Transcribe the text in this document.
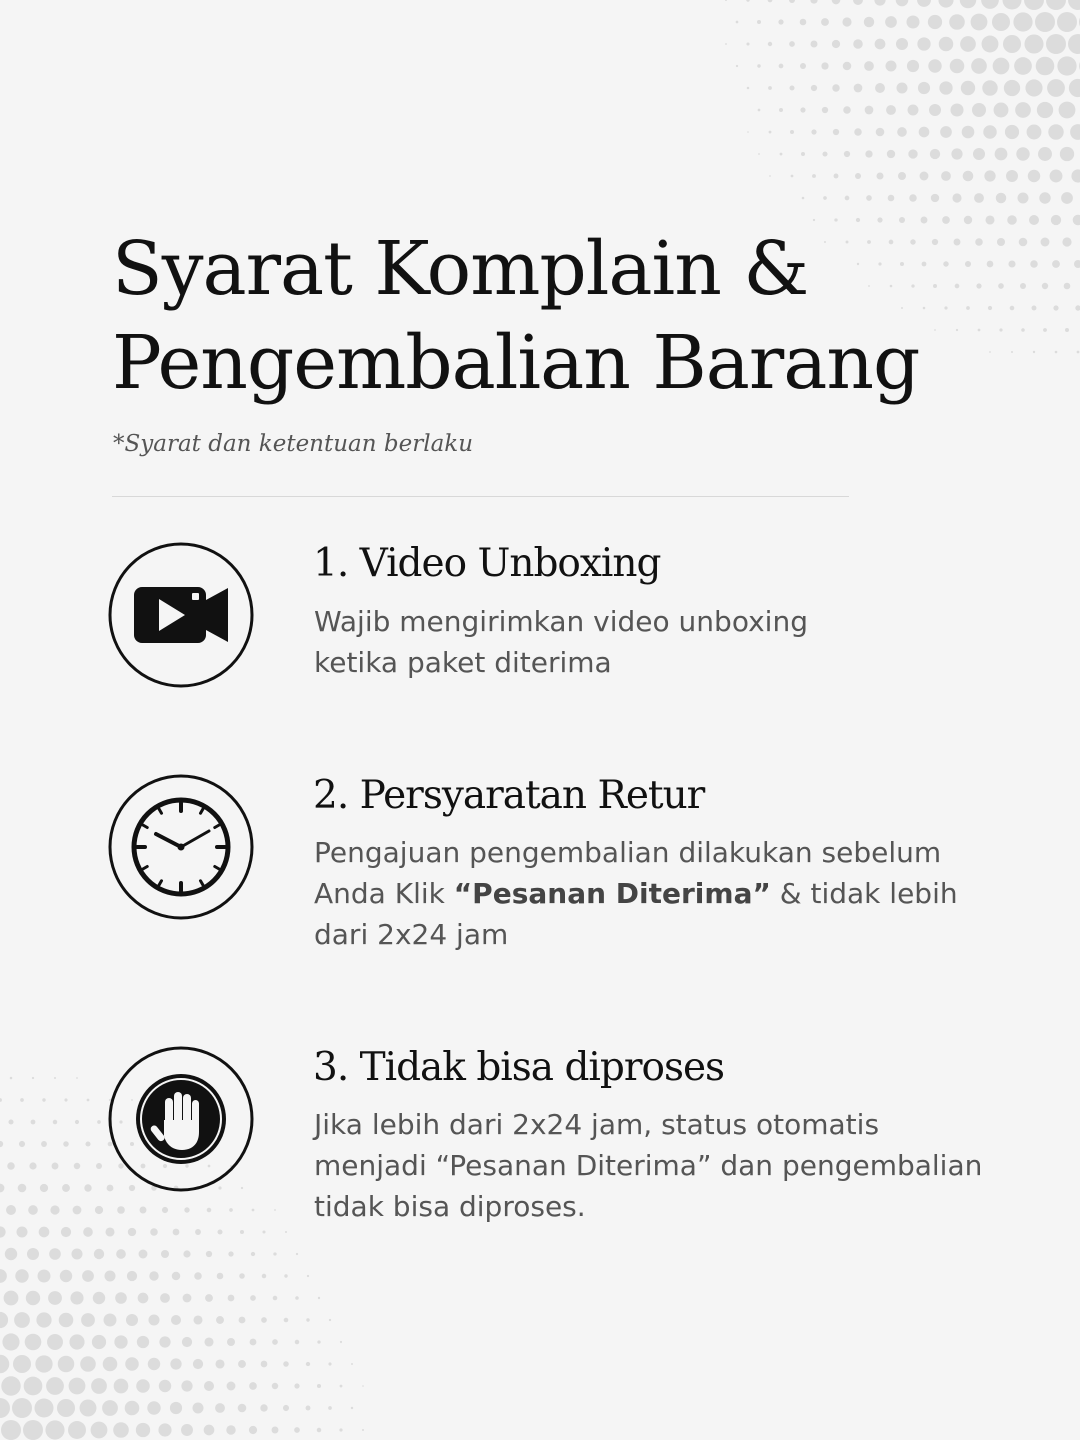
Syarat Komplain &
Pengembalian Barang
*Syarat dan ketentuan berlaku
1. Video Unboxing

Wajib mengirimkan video unboxing
ketika paket diterima

2. Persyaratan Retur

Pengajuan pengembalian dilakukan sebelum
Anda Klik “Pesanan Diterima” & tidak lebih
dari 2x24 jam

3. Tidak bisa diproses

Jika lebih dari 2x24 jam, status otomatis
menjadi “Pesanan Diterima” dan pengembalian
tidak bisa diproses.
